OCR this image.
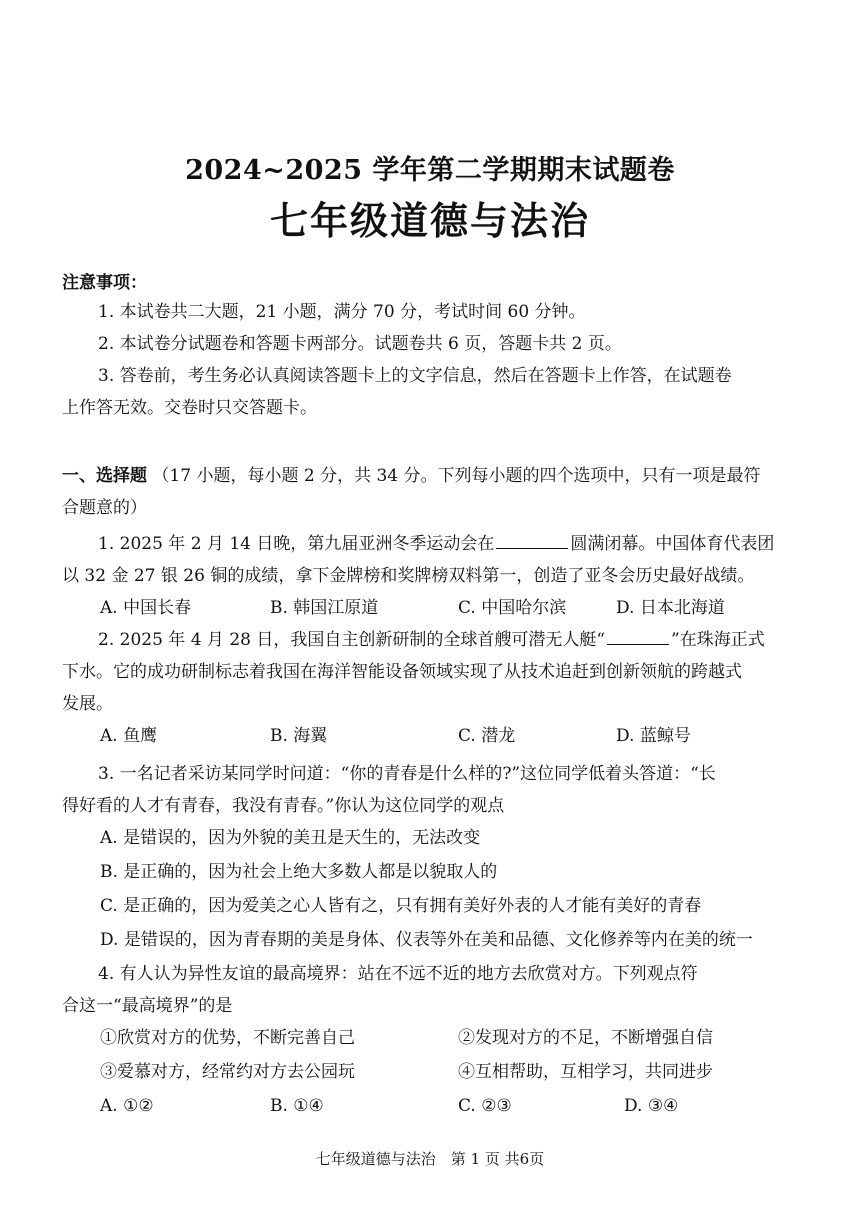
2024~2025 学年第二学期期末试题卷
七年级道德与法治
注意事项：
1. 本试卷共二大题，21 小题，满分 70 分，考试时间 60 分钟。
2. 本试卷分试题卷和答题卡两部分。试题卷共 6 页，答题卡共 2 页。
3. 答卷前，考生务必认真阅读答题卡上的文字信息，然后在答题卡上作答，在试题卷
上作答无效。交卷时只交答题卡。
一、选择题 （17 小题，每小题 2 分，共 34 分。下列每小题的四个选项中，只有一项是最符
合题意的）
1. 2025 年 2 月 14 日晚，第九届亚洲冬季运动会在	圆满闭幕。中国体育代表团
以 32 金 27 银 26 铜的成绩，拿下金牌榜和奖牌榜双料第一，创造了亚冬会历史最好战绩。
A. 中国长春	B. 韩国江原道	C. 中国哈尔滨	D. 日本北海道
2. 2025 年 4 月 28 日，我国自主创新研制的全球首艘可潜无人艇“	”在珠海正式
下水。它的成功研制标志着我国在海洋智能设备领域实现了从技术追赶到创新领航的跨越式
发展。
A. 鱼鹰	B. 海翼	C. 潜龙	D. 蓝鲸号
3. 一名记者采访某同学时问道：“你的青春是什么样的?”这位同学低着头答道：“长
得好看的人才有青春，我没有青春。”你认为这位同学的观点
A. 是错误的，因为外貌的美丑是天生的，无法改变
B. 是正确的，因为社会上绝大多数人都是以貌取人的
C. 是正确的，因为爱美之心人皆有之，只有拥有美好外表的人才能有美好的青春
D. 是错误的，因为青春期的美是身体、仪表等外在美和品德、文化修养等内在美的统一
4. 有人认为异性友谊的最高境界：站在不远不近的地方去欣赏对方。下列观点符
合这一“最高境界”的是
①欣赏对方的优势，不断完善自己	②发现对方的不足，不断增强自信
③爱慕对方，经常约对方去公园玩	④互相帮助，互相学习，共同进步
A. ①②	B. ①④	C. ②③	D. ③④
七年级道德与法治　第 1 页 共6页
